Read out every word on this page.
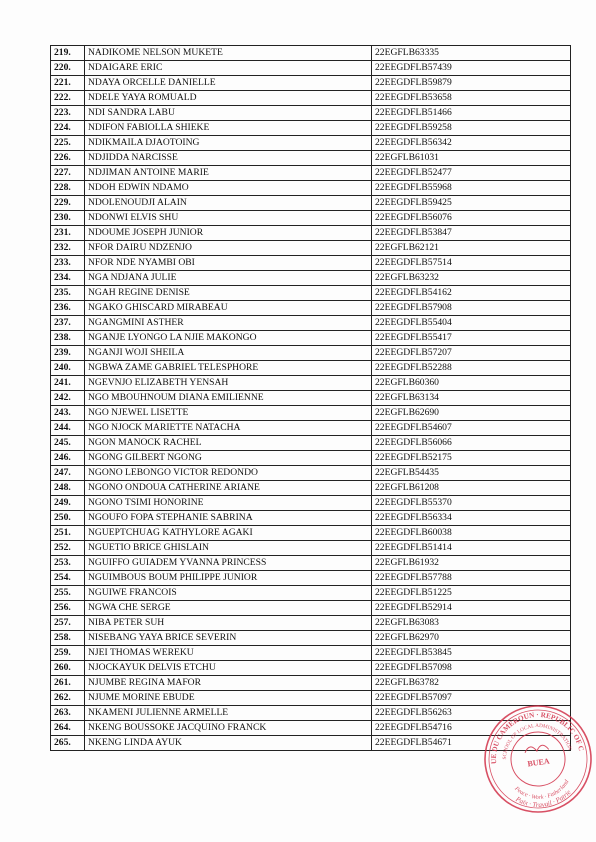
219.	NADIKOME NELSON MUKETE	22EGFLB63335
220.	NDAIGARE ERIC	22EEGDFLB57439
221.	NDAYA ORCELLE DANIELLE	22EEGDFLB59879
222.	NDELE YAYA ROMUALD	22EEGDFLB53658
223.	NDI SANDRA LABU	22EEGDFLB51466
224.	NDIFON FABIOLLA SHIEKE	22EEGDFLB59258
225.	NDIKMAILA DJAOTOING	22EEGDFLB56342
226.	NDJIDDA NARCISSE	22EGFLB61031
227.	NDJIMAN ANTOINE MARIE	22EEGDFLB52477
228.	NDOH EDWIN NDAMO	22EEGDFLB55968
229.	NDOLENOUDJI ALAIN	22EEGDFLB59425
230.	NDONWI ELVIS SHU	22EEGDFLB56076
231.	NDOUME JOSEPH JUNIOR	22EEGDFLB53847
232.	NFOR DAIRU NDZENJO	22EGFLB62121
233.	NFOR NDE NYAMBI OBI	22EEGDFLB57514
234.	NGA NDJANA JULIE	22EGFLB63232
235.	NGAH REGINE DENISE	22EEGDFLB54162
236.	NGAKO GHISCARD MIRABEAU	22EEGDFLB57908
237.	NGANGMINI ASTHER	22EEGDFLB55404
238.	NGANJE LYONGO LA NJIE MAKONGO	22EEGDFLB55417
239.	NGANJI WOJI SHEILA	22EEGDFLB57207
240.	NGBWA ZAME GABRIEL TELESPHORE	22EEGDFLB52288
241.	NGEVNJO ELIZABETH YENSAH	22EGFLB60360
242.	NGO MBOUHNOUM DIANA EMILIENNE	22EGFLB63134
243.	NGO NJEWEL LISETTE	22EGFLB62690
244.	NGO NJOCK MARIETTE NATACHA	22EEGDFLB54607
245.	NGON MANOCK RACHEL	22EEGDFLB56066
246.	NGONG GILBERT NGONG	22EEGDFLB52175
247.	NGONO LEBONGO VICTOR REDONDO	22EGFLB54435
248.	NGONO ONDOUA CATHERINE ARIANE	22EGFLB61208
249.	NGONO TSIMI HONORINE	22EEGDFLB55370
250.	NGOUFO FOPA STEPHANIE SABRINA	22EEGDFLB56334
251.	NGUEPTCHUAG KATHYLORE AGAKI	22EEGDFLB60038
252.	NGUETIO BRICE GHISLAIN	22EEGDFLB51414
253.	NGUIFFO GUIADEM YVANNA PRINCESS	22EGFLB61932
254.	NGUIMBOUS BOUM PHILIPPE JUNIOR	22EEGDFLB57788
255.	NGUIWE FRANCOIS	22EEGDFLB51225
256.	NGWA CHE SERGE	22EEGDFLB52914
257.	NIBA PETER SUH	22EGFLB63083
258.	NISEBANG YAYA BRICE SEVERIN	22EGFLB62970
259.	NJEI THOMAS WEREKU	22EEGDFLB53845
260.	NJOCKAYUK DELVIS ETCHU	22EEGDFLB57098
261.	NJUMBE REGINA MAFOR	22EGFLB63782
262.	NJUME MORINE EBUDE	22EEGDFLB57097
263.	NKAMENI JULIENNE ARMELLE	22EEGDFLB56263
264.	NKENG BOUSSOKE JACQUINO FRANCK	22EEGDFLB54716
265.	NKENG LINDA AYUK	22EEGDFLB54671
REPUBLIQUE DU CAMEROUN · REPUBLIC OF CAMEROON
SCHOOL OF LOCAL ADMINISTRATION
Paix · Travail · Patrie
Peace · Work · Fatherland
BUEA
